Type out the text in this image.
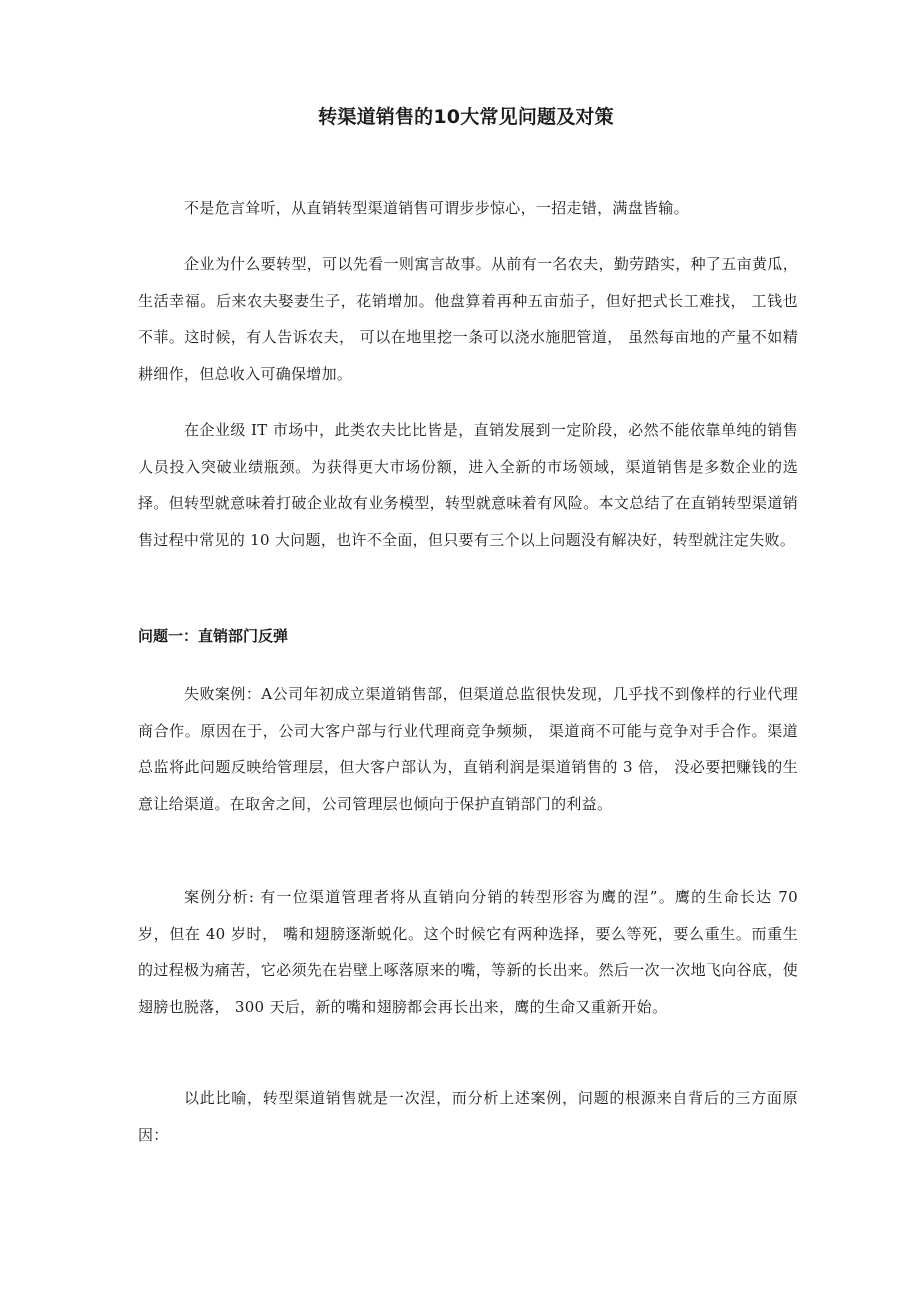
转渠道销售的10大常见问题及对策

不是危言耸听，从直销转型渠道销售可谓步步惊心，一招走错，满盘皆输。

企业为什么要转型，可以先看一则寓言故事。从前有一名农夫，勤劳踏实，种了五亩黄瓜，生活幸福。后来农夫娶妻生子，花销增加。他盘算着再种五亩茄子，但好把式长工难找， 工钱也不菲。这时候，有人告诉农夫， 可以在地里挖一条可以浇水施肥管道， 虽然每亩地的产量不如精耕细作，但总收入可确保增加。

在企业级 IT 市场中，此类农夫比比皆是，直销发展到一定阶段，必然不能依靠单纯的销售人员投入突破业绩瓶颈。为获得更大市场份额，进入全新的市场领域，渠道销售是多数企业的选择。但转型就意味着打破企业故有业务模型，转型就意味着有风险。本文总结了在直销转型渠道销售过程中常见的 10 大问题，也许不全面，但只要有三个以上问题没有解决好，转型就注定失败。

问题一：直销部门反弹

失败案例：A公司年初成立渠道销售部，但渠道总监很快发现，几乎找不到像样的行业代理商合作。原因在于，公司大客户部与行业代理商竞争频频， 渠道商不可能与竞争对手合作。渠道总监将此问题反映给管理层，但大客户部认为，直销利润是渠道销售的 3 倍， 没必要把赚钱的生意让给渠道。在取舍之间，公司管理层也倾向于保护直销部门的利益。

案例分析: 有一位渠道管理者将从直销向分销的转型形容为鹰的涅”。鹰的生命长达 70 岁，但在 40 岁时， 嘴和翅膀逐渐蜕化。这个时候它有两种选择，要么等死，要么重生。而重生的过程极为痛苦，它必须先在岩壁上啄落原来的嘴，等新的长出来。然后一次一次地飞向谷底，使翅膀也脱落， 300 天后，新的嘴和翅膀都会再长出来，鹰的生命又重新开始。

以此比喻，转型渠道销售就是一次涅，而分析上述案例，问题的根源来自背后的三方面原因：
